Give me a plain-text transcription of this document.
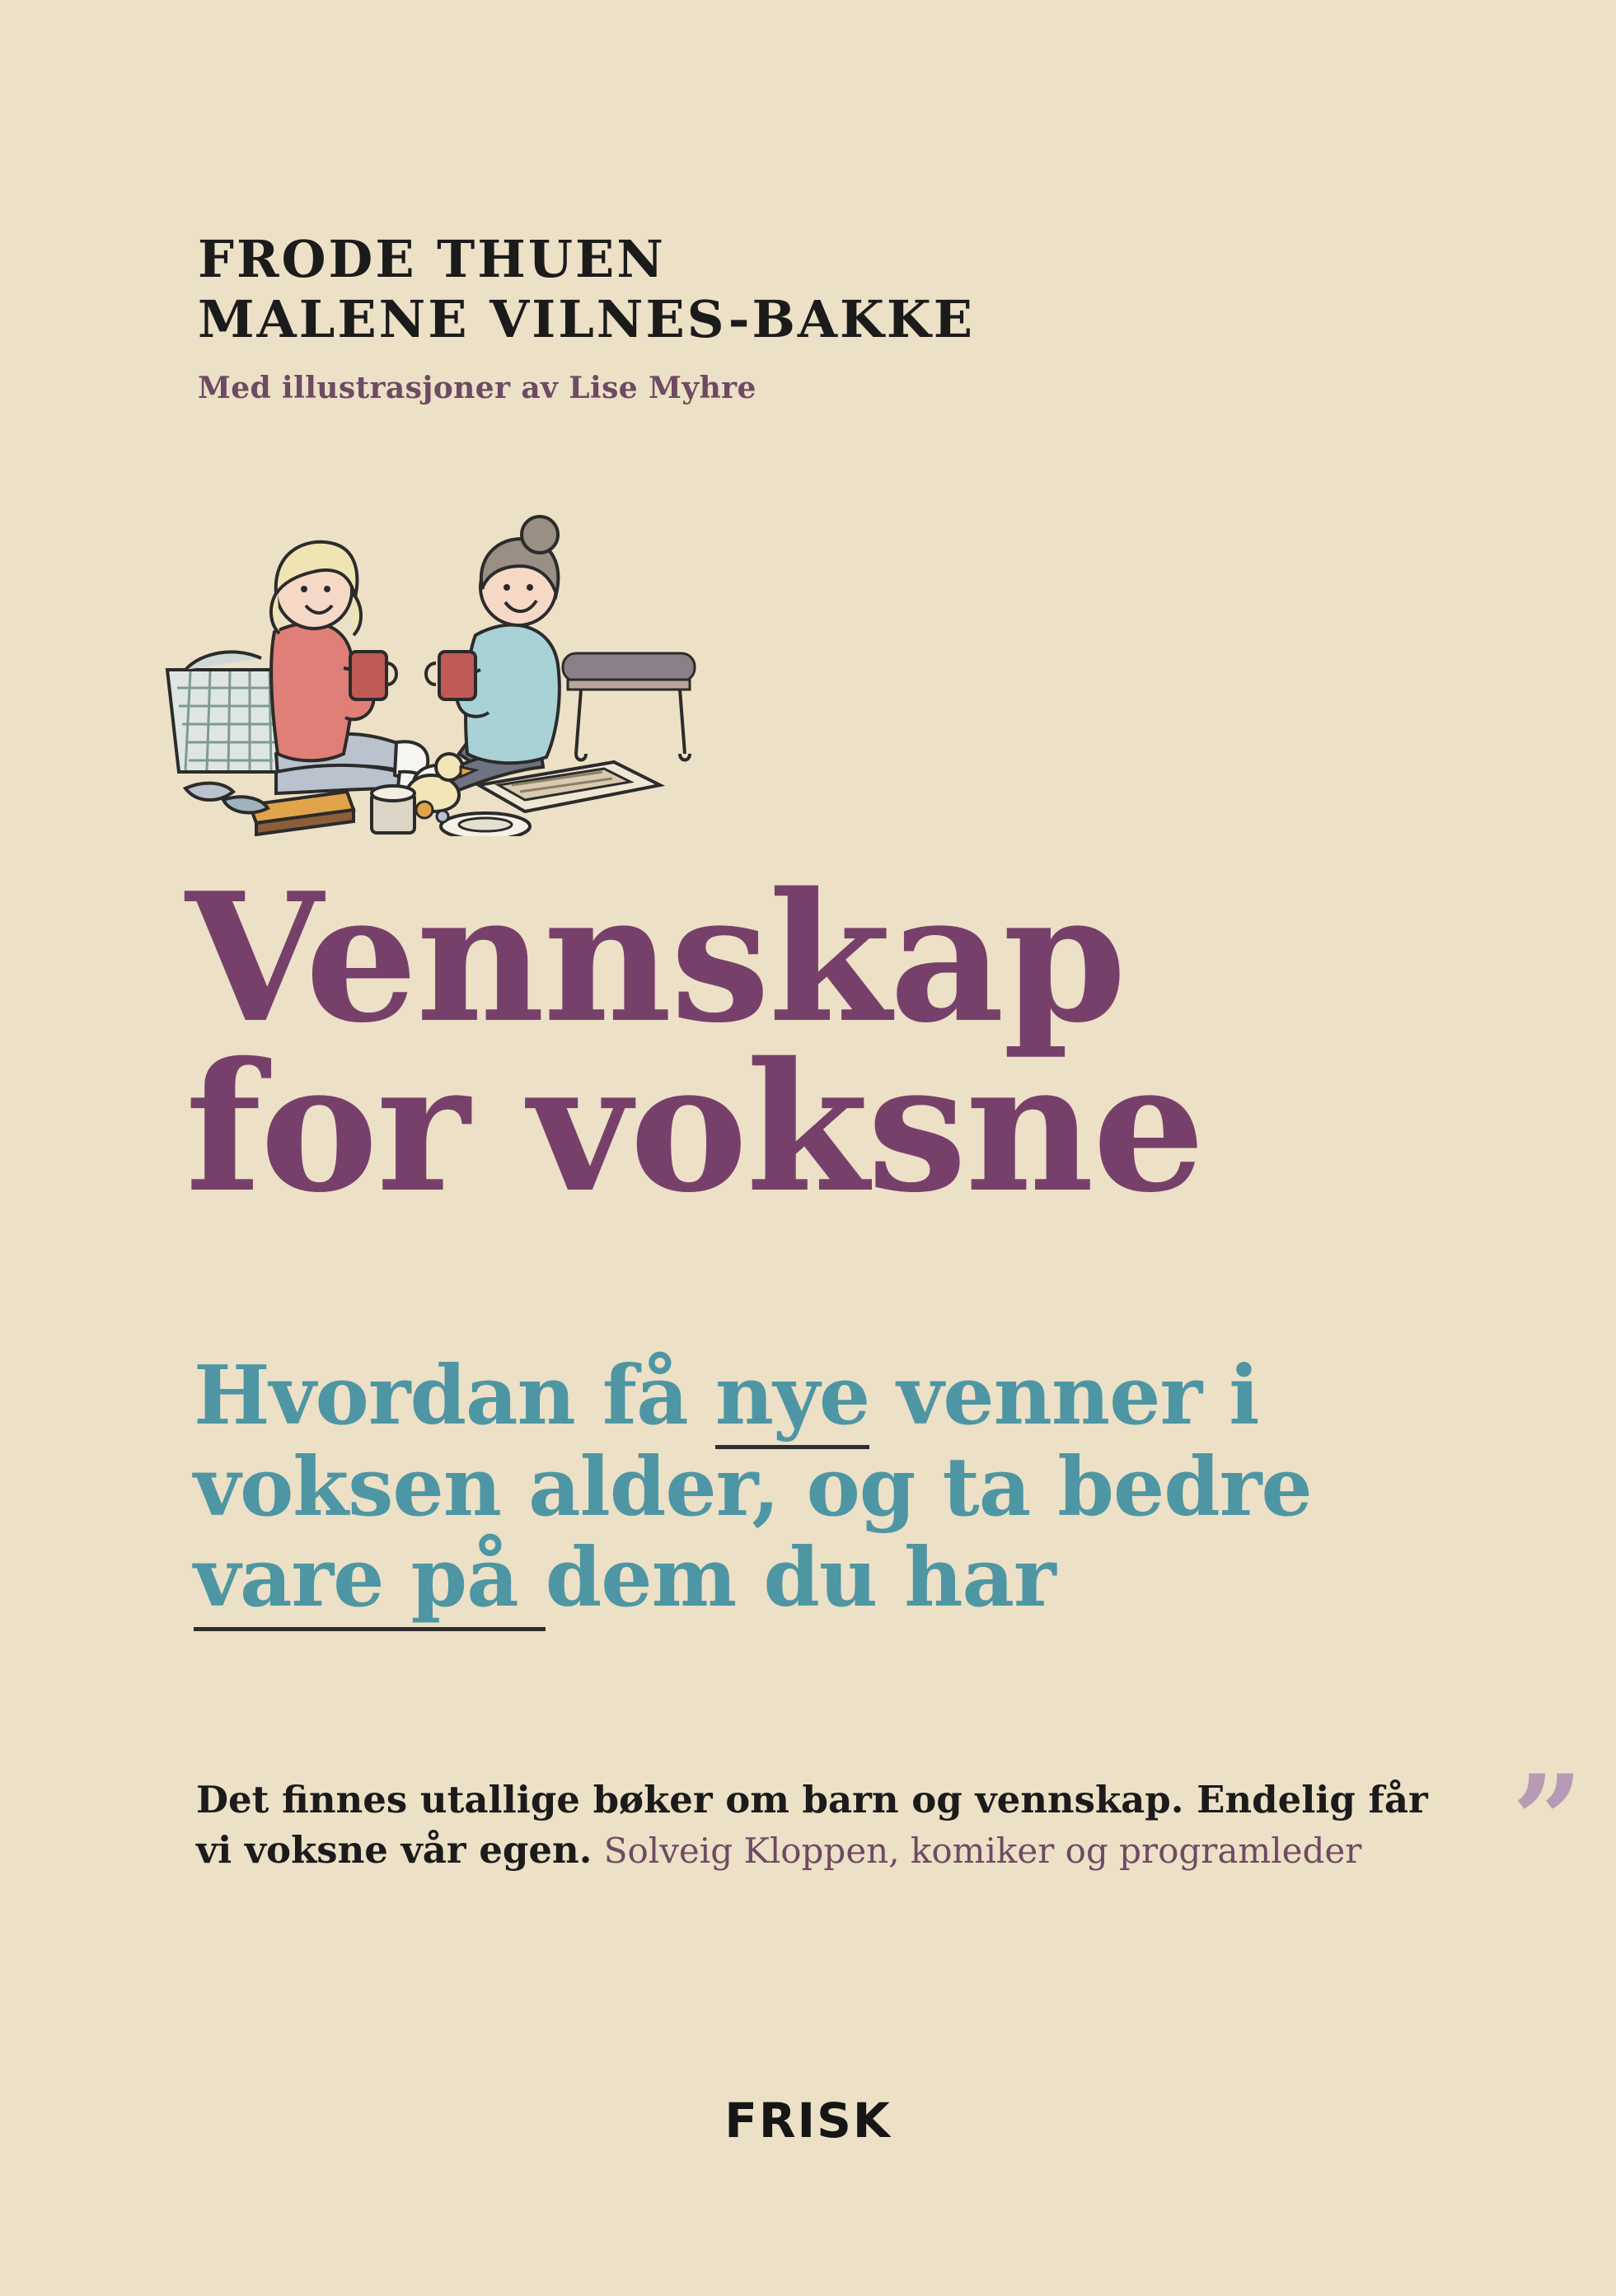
FRODE THUEN
MALENE VILNES-BAKKE
Med illustrasjoner av Lise Myhre
Vennskap
for voksne
Hvordan få nye venner i
voksen alder, og ta bedre
vare på dem du har
Det finnes utallige bøker om barn og vennskap. Endelig får vi voksne vår egen. Solveig Kloppen, komiker og programleder	”
FRISK
